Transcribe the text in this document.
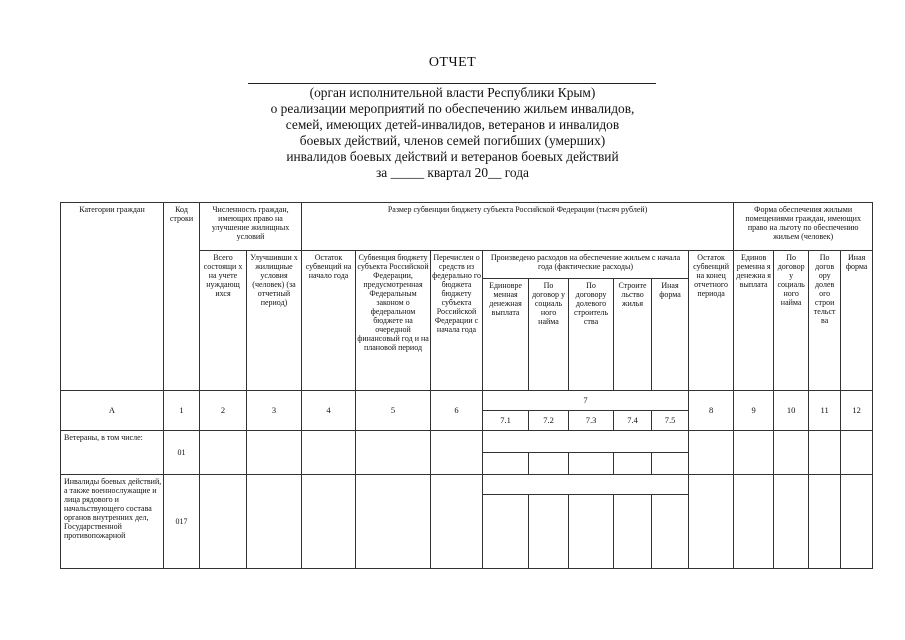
ОТЧЕТ
(орган исполнительной власти Республики Крым)
о реализации мероприятий по обеспечению жильем инвалидов,
семей, имеющих детей-инвалидов, ветеранов и инвалидов
боевых действий, членов семей погибших (умерших)
инвалидов боевых действий и ветеранов боевых действий
за _____ квартал 20__ года
Категории граждан	Код строки	Численность граждан, имеющих право на улучшение жилищных условий		Размер субвенции бюджету субъекта Российской Федерации (тысяч рублей)									Форма обеспечения жилыми помещениями граждан, имеющих право на льготу по обеспечению жильем (человек)			
		Всего состоящи х на учете нуждающ ихся	Улучшивши х жилищные условия (человек) (за отчетный период)	Остаток субвенций на начало года	Субвенция бюджету субъекта Российской Федерации, предусмотренная Федеральным законом о федеральном бюджете на очередной финансовый год и на плановой период	Перечислен о средств из федерально го бюджета бюджету субъекта Российской Федерации с начала года	Произведено расходов на обеспечение жильем с начала года (фактические расходы)					Остаток субвенций на конец отчетного периода	Единов ременна я денежна я выплата	По договор у социаль ного найма	По догов ору долев ого строи тельст ва	Иная форма
							Единовре менная денежная выплата	По договор у социаль ного найма	По договору долевого строитель ства	Строите льство жилья	Иная форма					
А	1	2	3	4	5	6	7					8	9	10	11	12
							7.1	7.2	7.3	7.4	7.5					
Ветераны, в том числе:	01															

Инвалиды боевых действий, а также военнослужащие и лица рядового и начальствующего состава органов внутренних дел, Государственной противопожарной	017															
